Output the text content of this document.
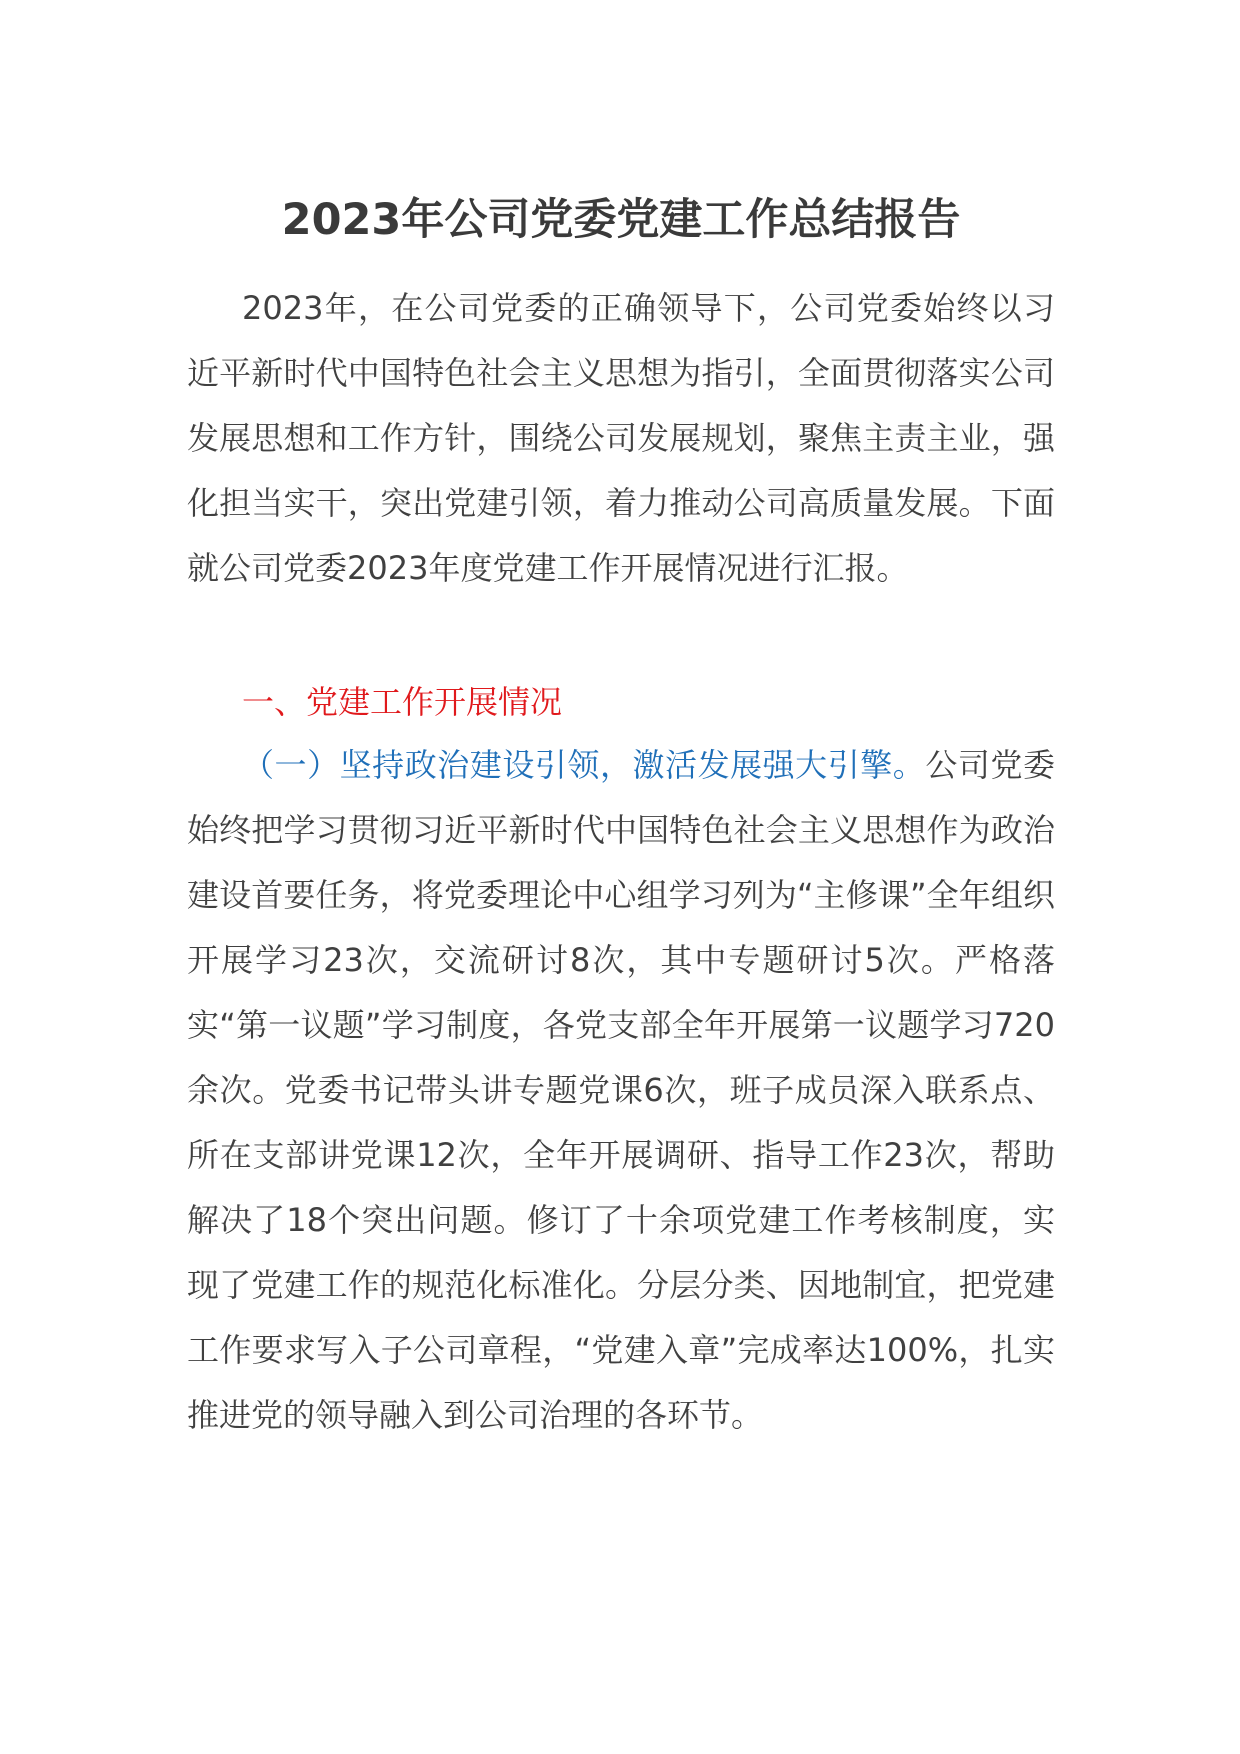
2023年公司党委党建工作总结报告

2023年，在公司党委的正确领导下，公司党委始终以习近平新时代中国特色社会主义思想为指引，全面贯彻落实公司发展思想和工作方针，围绕公司发展规划，聚焦主责主业，强化担当实干，突出党建引领，着力推动公司高质量发展。下面就公司党委2023年度党建工作开展情况进行汇报。

一、党建工作开展情况

（一）坚持政治建设引领，激活发展强大引擎。公司党委始终把学习贯彻习近平新时代中国特色社会主义思想作为政治建设首要任务，将党委理论中心组学习列为“主修课”全年组织开展学习23次，交流研讨8次，其中专题研讨5次。严格落实“第一议题”学习制度，各党支部全年开展第一议题学习720余次。党委书记带头讲专题党课6次，班子成员深入联系点、所在支部讲党课12次，全年开展调研、指导工作23次，帮助解决了18个突出问题。修订了十余项党建工作考核制度，实现了党建工作的规范化标准化。分层分类、因地制宜，把党建工作要求写入子公司章程，“党建入章”完成率达100%，扎实推进党的领导融入到公司治理的各环节。
